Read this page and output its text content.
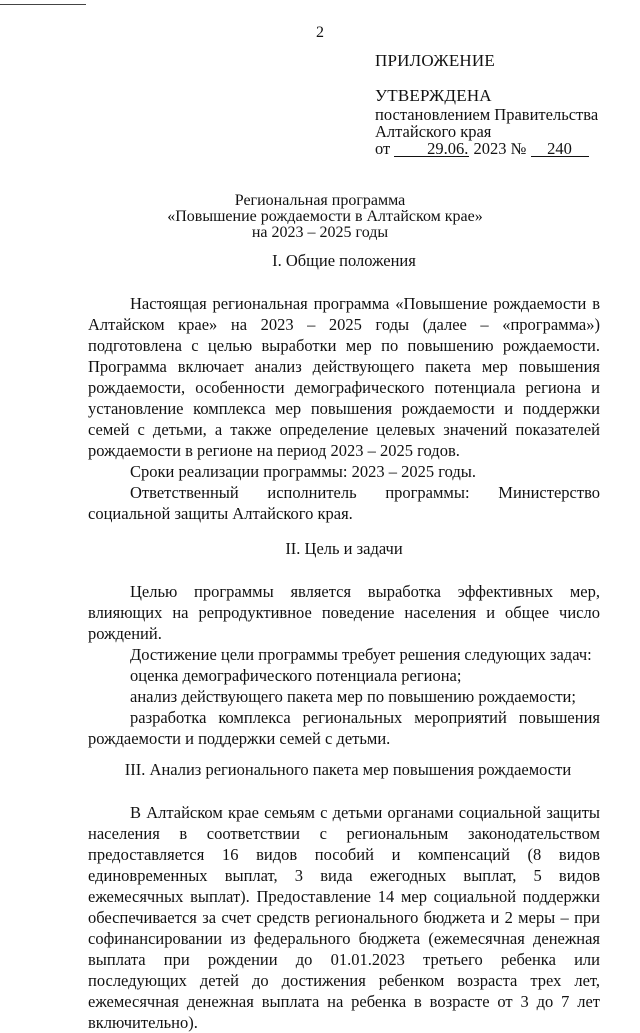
2
ПРИЛОЖЕНИЕ
УТВЕРЖДЕНА
постановлением Правительства
Алтайского края
от 29.06. 2023 № 240
Региональная программа
«Повышение рождаемости в Алтайском крае»
на 2023 – 2025 годы
I. Общие положения

Настоящая региональная программа «Повышение рождаемости в Алтайском крае» на 2023 – 2025 годы (далее – «программа») подготовлена с целью выработки мер по повышению рождаемости. Программа включает анализ действующего пакета мер повышения рождаемости, особенности демографического потенциала региона и установление комплекса мер повышения рождаемости и поддержки семей с детьми, а также определение целевых значений показателей рождаемости в регионе на период 2023 – 2025 годов.

Сроки реализации программы: 2023 – 2025 годы.

Ответственный исполнитель программы: Министерство социальной защиты Алтайского края.

II. Цель и задачи

Целью программы является выработка эффективных мер, влияющих на репродуктивное поведение населения и общее число рождений.

Достижение цели программы требует решения следующих задач:

оценка демографического потенциала региона;

анализ действующего пакета мер по повышению рождаемости;

разработка комплекса региональных мероприятий повышения рождаемости и поддержки семей с детьми.

III. Анализ регионального пакета мер повышения рождаемости

В Алтайском крае семьям с детьми органами социальной защиты населения в соответствии с региональным законодательством предоставляется 16 видов пособий и компенсаций (8 видов единовременных выплат, 3 вида ежегодных выплат, 5 видов ежемесячных выплат). Предоставление 14 мер социальной поддержки обеспечивается за счет средств регионального бюджета и 2 меры – при софинансировании из федерального бюджета (ежемесячная денежная выплата при рождении до 01.01.2023 третьего ребенка или последующих детей до достижения ребенком возраста трех лет, ежемесячная денежная выплата на ребенка в возрасте от 3 до 7 лет включительно).
